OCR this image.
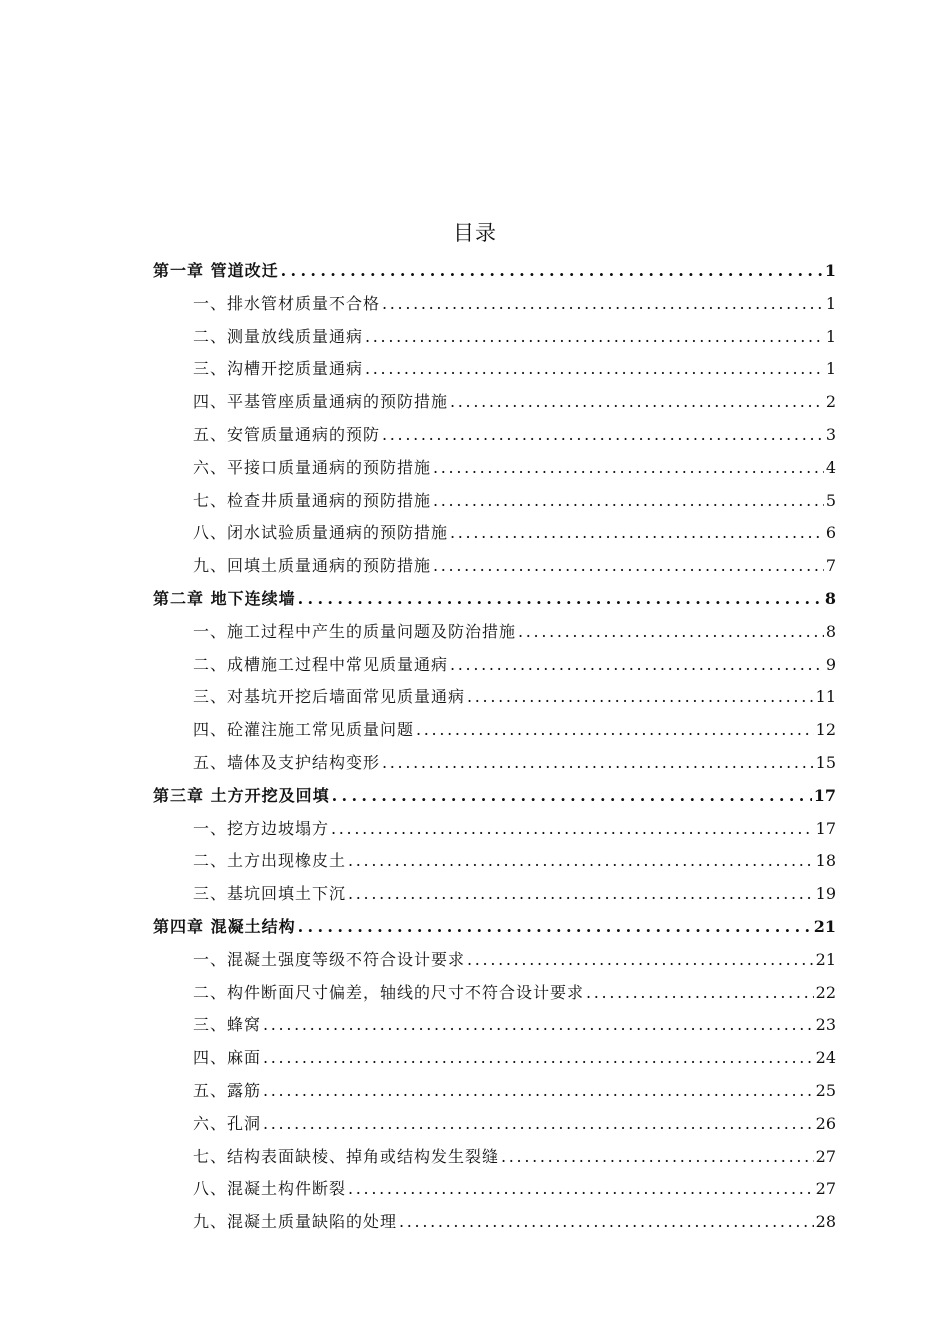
目录
第一章 管道改迁 . . .	1
一、排水管材质量不合格 . . .	1
二、测量放线质量通病 . . .	1
三、沟槽开挖质量通病 . . .	1
四、平基管座质量通病的预防措施 . . .	2
五、安管质量通病的预防 . . .	3
六、平接口质量通病的预防措施 . . .	4
七、检查井质量通病的预防措施 . . .	5
八、闭水试验质量通病的预防措施 . . .	6
九、回填土质量通病的预防措施 . . .	7
第二章 地下连续墙 . . .	8
一、施工过程中产生的质量问题及防治措施 . . .	8
二、成槽施工过程中常见质量通病 . . .	9
三、对基坑开挖后墙面常见质量通病 . . .	11
四、砼灌注施工常见质量问题 . . .	12
五、墙体及支护结构变形 . . .	15
第三章 土方开挖及回填 . . .	17
一、挖方边坡塌方 . . .	17
二、土方出现橡皮土 . . .	18
三、基坑回填土下沉 . . .	19
第四章 混凝土结构 . . .	21
一、混凝土强度等级不符合设计要求 . . .	21
二、构件断面尺寸偏差，轴线的尺寸不符合设计要求 . . .	22
三、蜂窝 . . .	23
四、麻面 . . .	24
五、露筋 . . .	25
六、孔洞 . . .	26
七、结构表面缺棱、掉角或结构发生裂缝 . . .	27
八、混凝土构件断裂 . . .	27
九、混凝土质量缺陷的处理 . . .	28
